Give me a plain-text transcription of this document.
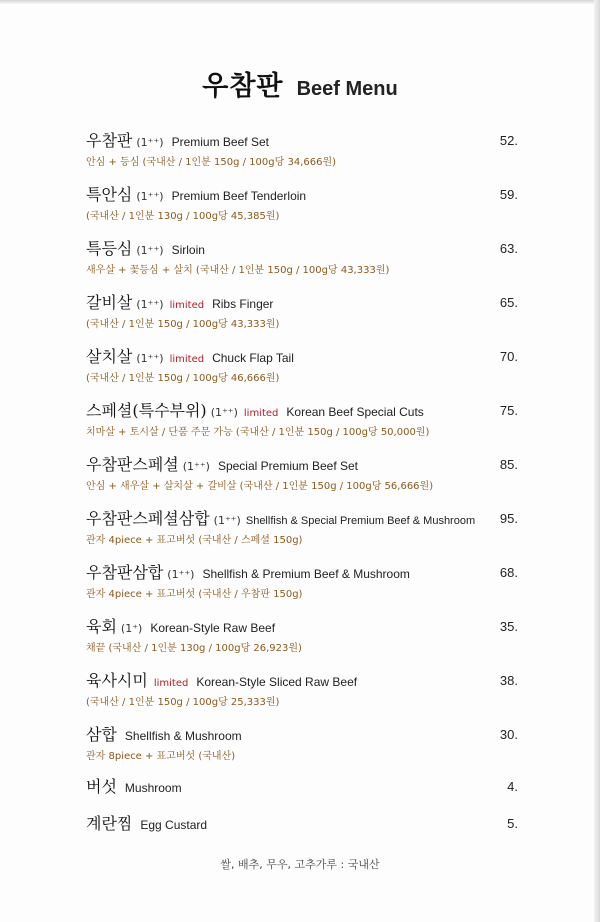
우참판 Beef Menu
우참판 (1⁺⁺) Premium Beef Set	52.
안심 + 등심 (국내산 / 1인분 150g / 100g당 34,666원)
특안심 (1⁺⁺) Premium Beef Tenderloin	59.
(국내산 / 1인분 130g / 100g당 45,385원)
특등심 (1⁺⁺) Sirloin	63.
새우살 + 꽃등심 + 살치 (국내산 / 1인분 150g / 100g당 43,333원)
갈비살 (1⁺⁺) limited Ribs Finger	65.
(국내산 / 1인분 150g / 100g당 43,333원)
살치살 (1⁺⁺) limited Chuck Flap Tail	70.
(국내산 / 1인분 150g / 100g당 46,666원)
스페셜(특수부위) (1⁺⁺) limited Korean Beef Special Cuts	75.
치마살 + 토시살 / 단품 주문 가능 (국내산 / 1인분 150g / 100g당 50,000원)
우참판스페셜 (1⁺⁺) Special Premium Beef Set	85.
안심 + 새우살 + 살치살 + 갈비살 (국내산 / 1인분 150g / 100g당 56,666원)
우참판스페셜삼합 (1⁺⁺) Shellfish & Special Premium Beef & Mushroom 95.
관자 4piece + 표고버섯 (국내산 / 스페셜 150g)
우참판삼합 (1⁺⁺) Shellfish & Premium Beef & Mushroom	68.
관자 4piece + 표고버섯 (국내산 / 우참판 150g)
육회 (1⁺) Korean-Style Raw Beef	35.
채끝 (국내산 / 1인분 130g / 100g당 26,923원)
육사시미 limited Korean-Style Sliced Raw Beef	38.
(국내산 / 1인분 150g / 100g당 25,333원)
삼합 Shellfish & Mushroom	30.
관자 8piece + 표고버섯 (국내산)
버섯 Mushroom	4.
계란찜 Egg Custard	5.
쌀, 배추, 무우, 고추가루 : 국내산
